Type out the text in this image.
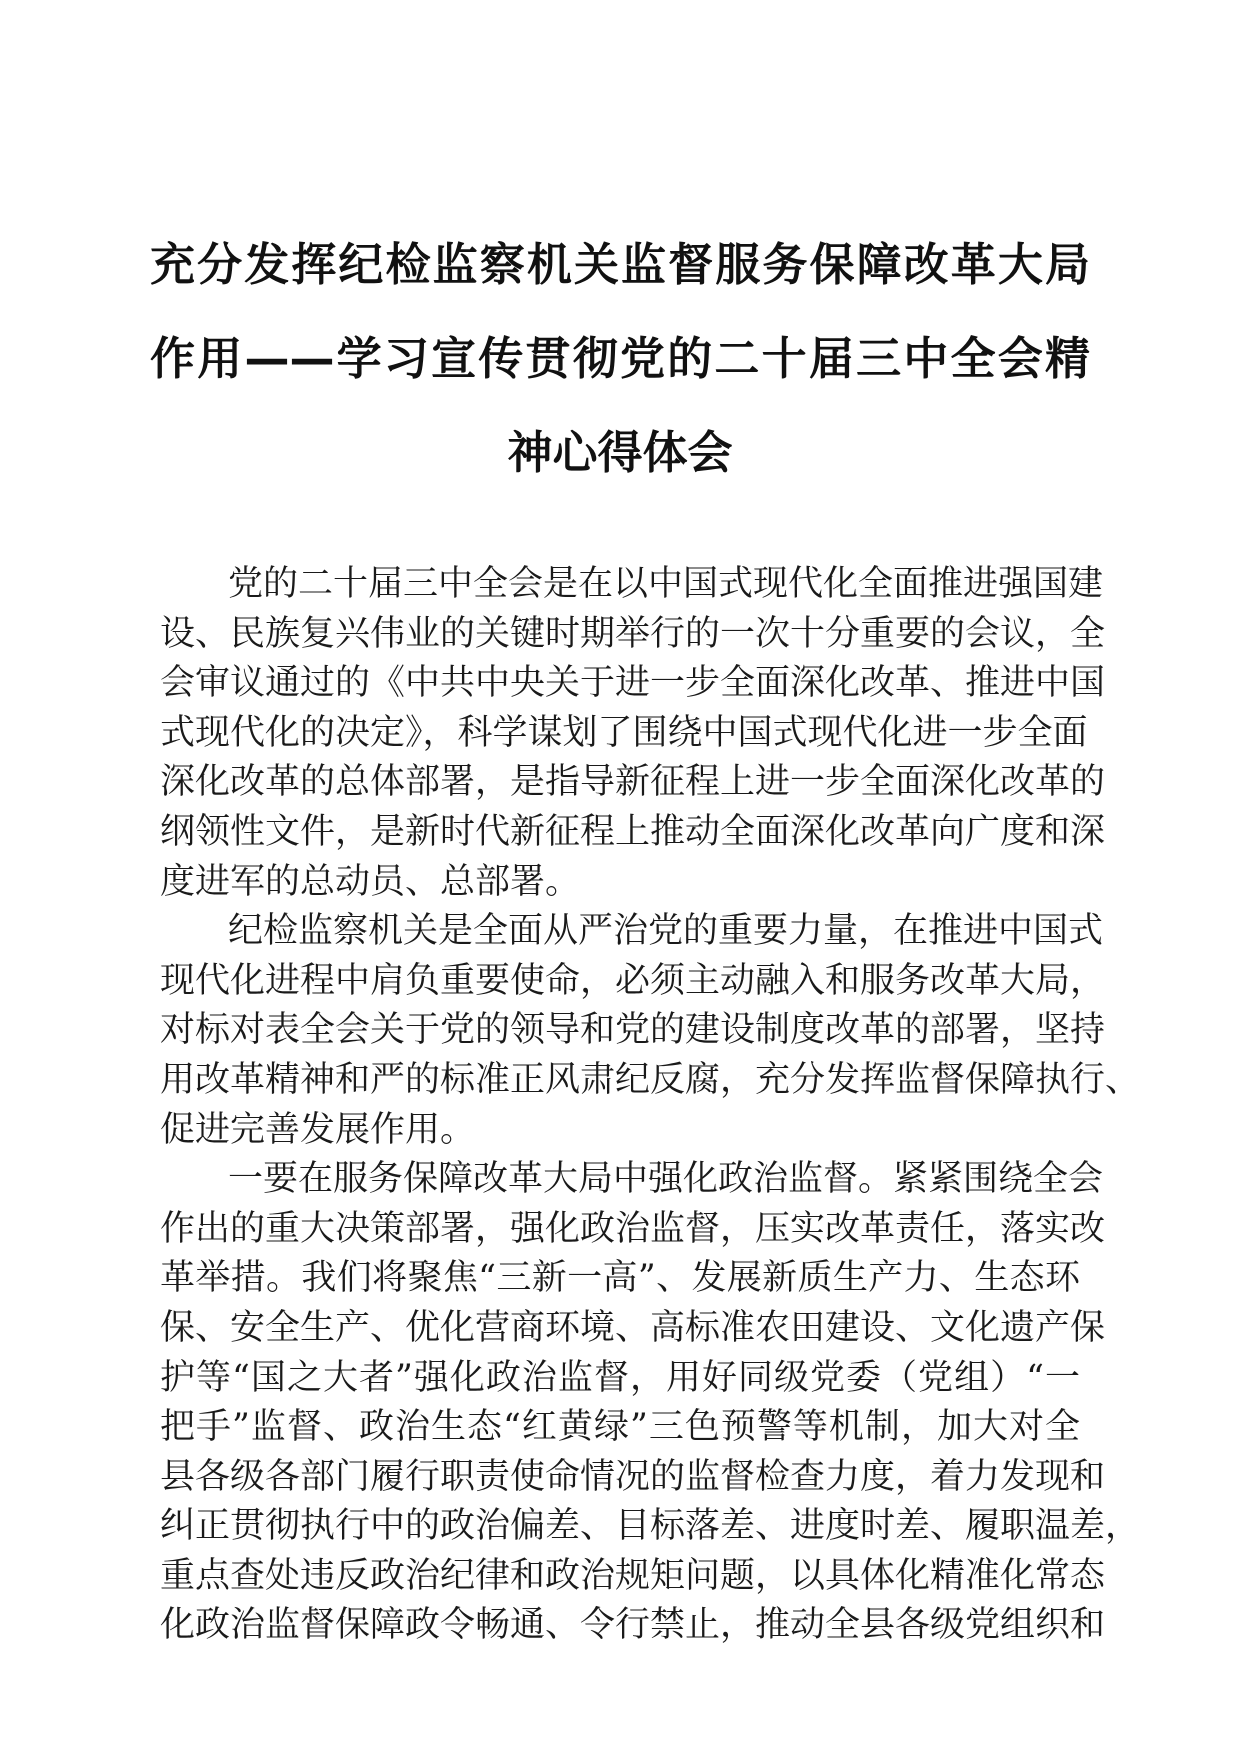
充分发挥纪检监察机关监督服务保障改革大局
作用——学习宣传贯彻党的二十届三中全会精
神心得体会
党的二十届三中全会是在以中国式现代化全面推进强国建
设、民族复兴伟业的关键时期举行的一次十分重要的会议，全
会审议通过的《中共中央关于进一步全面深化改革、推进中国
式现代化的决定》，科学谋划了围绕中国式现代化进一步全面
深化改革的总体部署，是指导新征程上进一步全面深化改革的
纲领性文件，是新时代新征程上推动全面深化改革向广度和深
度进军的总动员、总部署。
纪检监察机关是全面从严治党的重要力量，在推进中国式
现代化进程中肩负重要使命，必须主动融入和服务改革大局，
对标对表全会关于党的领导和党的建设制度改革的部署，坚持
用改革精神和严的标准正风肃纪反腐，充分发挥监督保障执行、
促进完善发展作用。
一要在服务保障改革大局中强化政治监督。紧紧围绕全会
作出的重大决策部署，强化政治监督，压实改革责任，落实改
革举措。我们将聚焦“三新一高”、发展新质生产力、生态环
保、安全生产、优化营商环境、高标准农田建设、文化遗产保
护等“国之大者”强化政治监督，用好同级党委（党组）“一
把手”监督、政治生态“红黄绿”三色预警等机制，加大对全
县各级各部门履行职责使命情况的监督检查力度，着力发现和
纠正贯彻执行中的政治偏差、目标落差、进度时差、履职温差，
重点查处违反政治纪律和政治规矩问题，以具体化精准化常态
化政治监督保障政令畅通、令行禁止，推动全县各级党组织和
